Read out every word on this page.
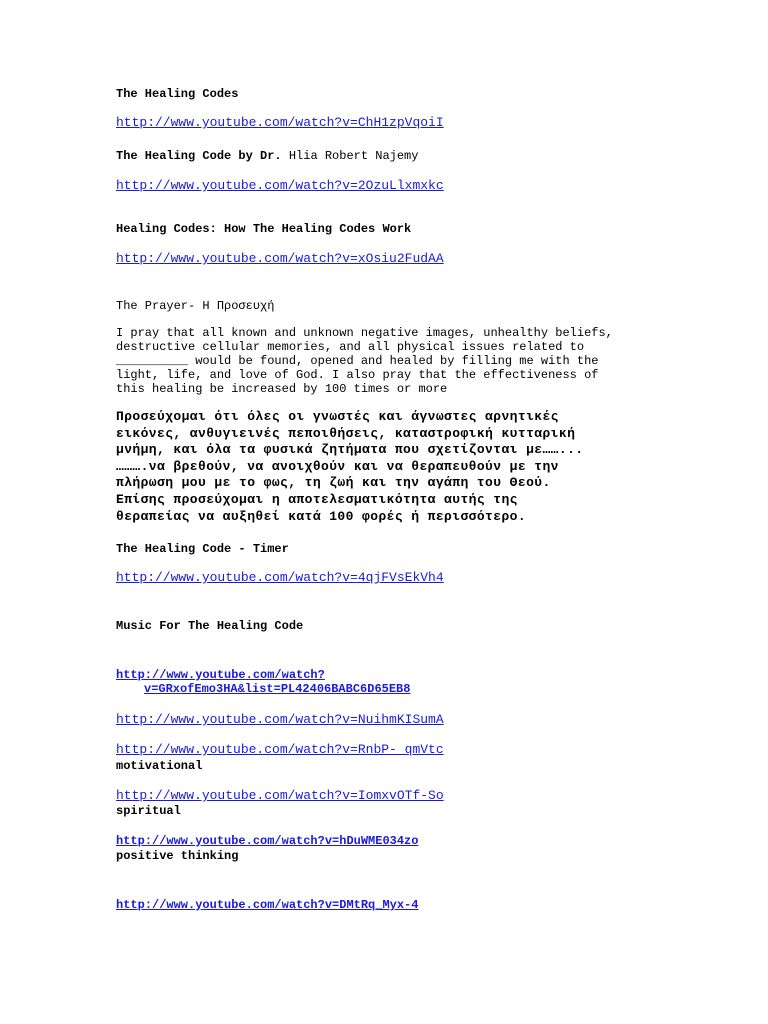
The Healing Codes
http://www.youtube.com/watch?v=ChH1zpVqoiI
The Healing Code by Dr. Hlia Robert Najemy
http://www.youtube.com/watch?v=2OzuLlxmxkc
Healing Codes: How The Healing Codes Work
http://www.youtube.com/watch?v=xOsiu2FudAA
The Prayer- Η Προσευχή
I pray that all known and unknown negative images, unhealthy beliefs,
destructive cellular memories, and all physical issues related to
__________ would be found, opened and healed by filling me with the
light, life, and love of God. I also pray that the effectiveness of
this healing be increased by 100 times or more
Προσεύχομαι ότι όλες οι γνωστές και άγνωστες αρνητικές
εικόνες, ανθυγιεινές πεποιθήσεις, καταστροφική κυτταρική
μνήμη, και όλα τα φυσικά ζητήματα που σχετίζονται με……...
……….να βρεθούν, να ανοιχθούν και να θεραπευθούν με την
πλήρωση μου με το φως, τη ζωή και την αγάπη του Θεού.
Επίσης προσεύχομαι η αποτελεσματικότητα αυτής της
θεραπείας να αυξηθεί κατά 100 φορές ή περισσότερο.
The Healing Code - Timer
http://www.youtube.com/watch?v=4qjFVsEkVh4
Music For The Healing Code
http://www.youtube.com/watch?
v=GRxofEmo3HA&list=PL42406BABC6D65EB8
http://www.youtube.com/watch?v=NuihmKISumA
http://www.youtube.com/watch?v=RnbP-_qmVtc
motivational
http://www.youtube.com/watch?v=IomxvOTf-So
spiritual
http://www.youtube.com/watch?v=hDuWME034zo
positive thinking
http://www.youtube.com/watch?v=DMtRq_Myx-4
